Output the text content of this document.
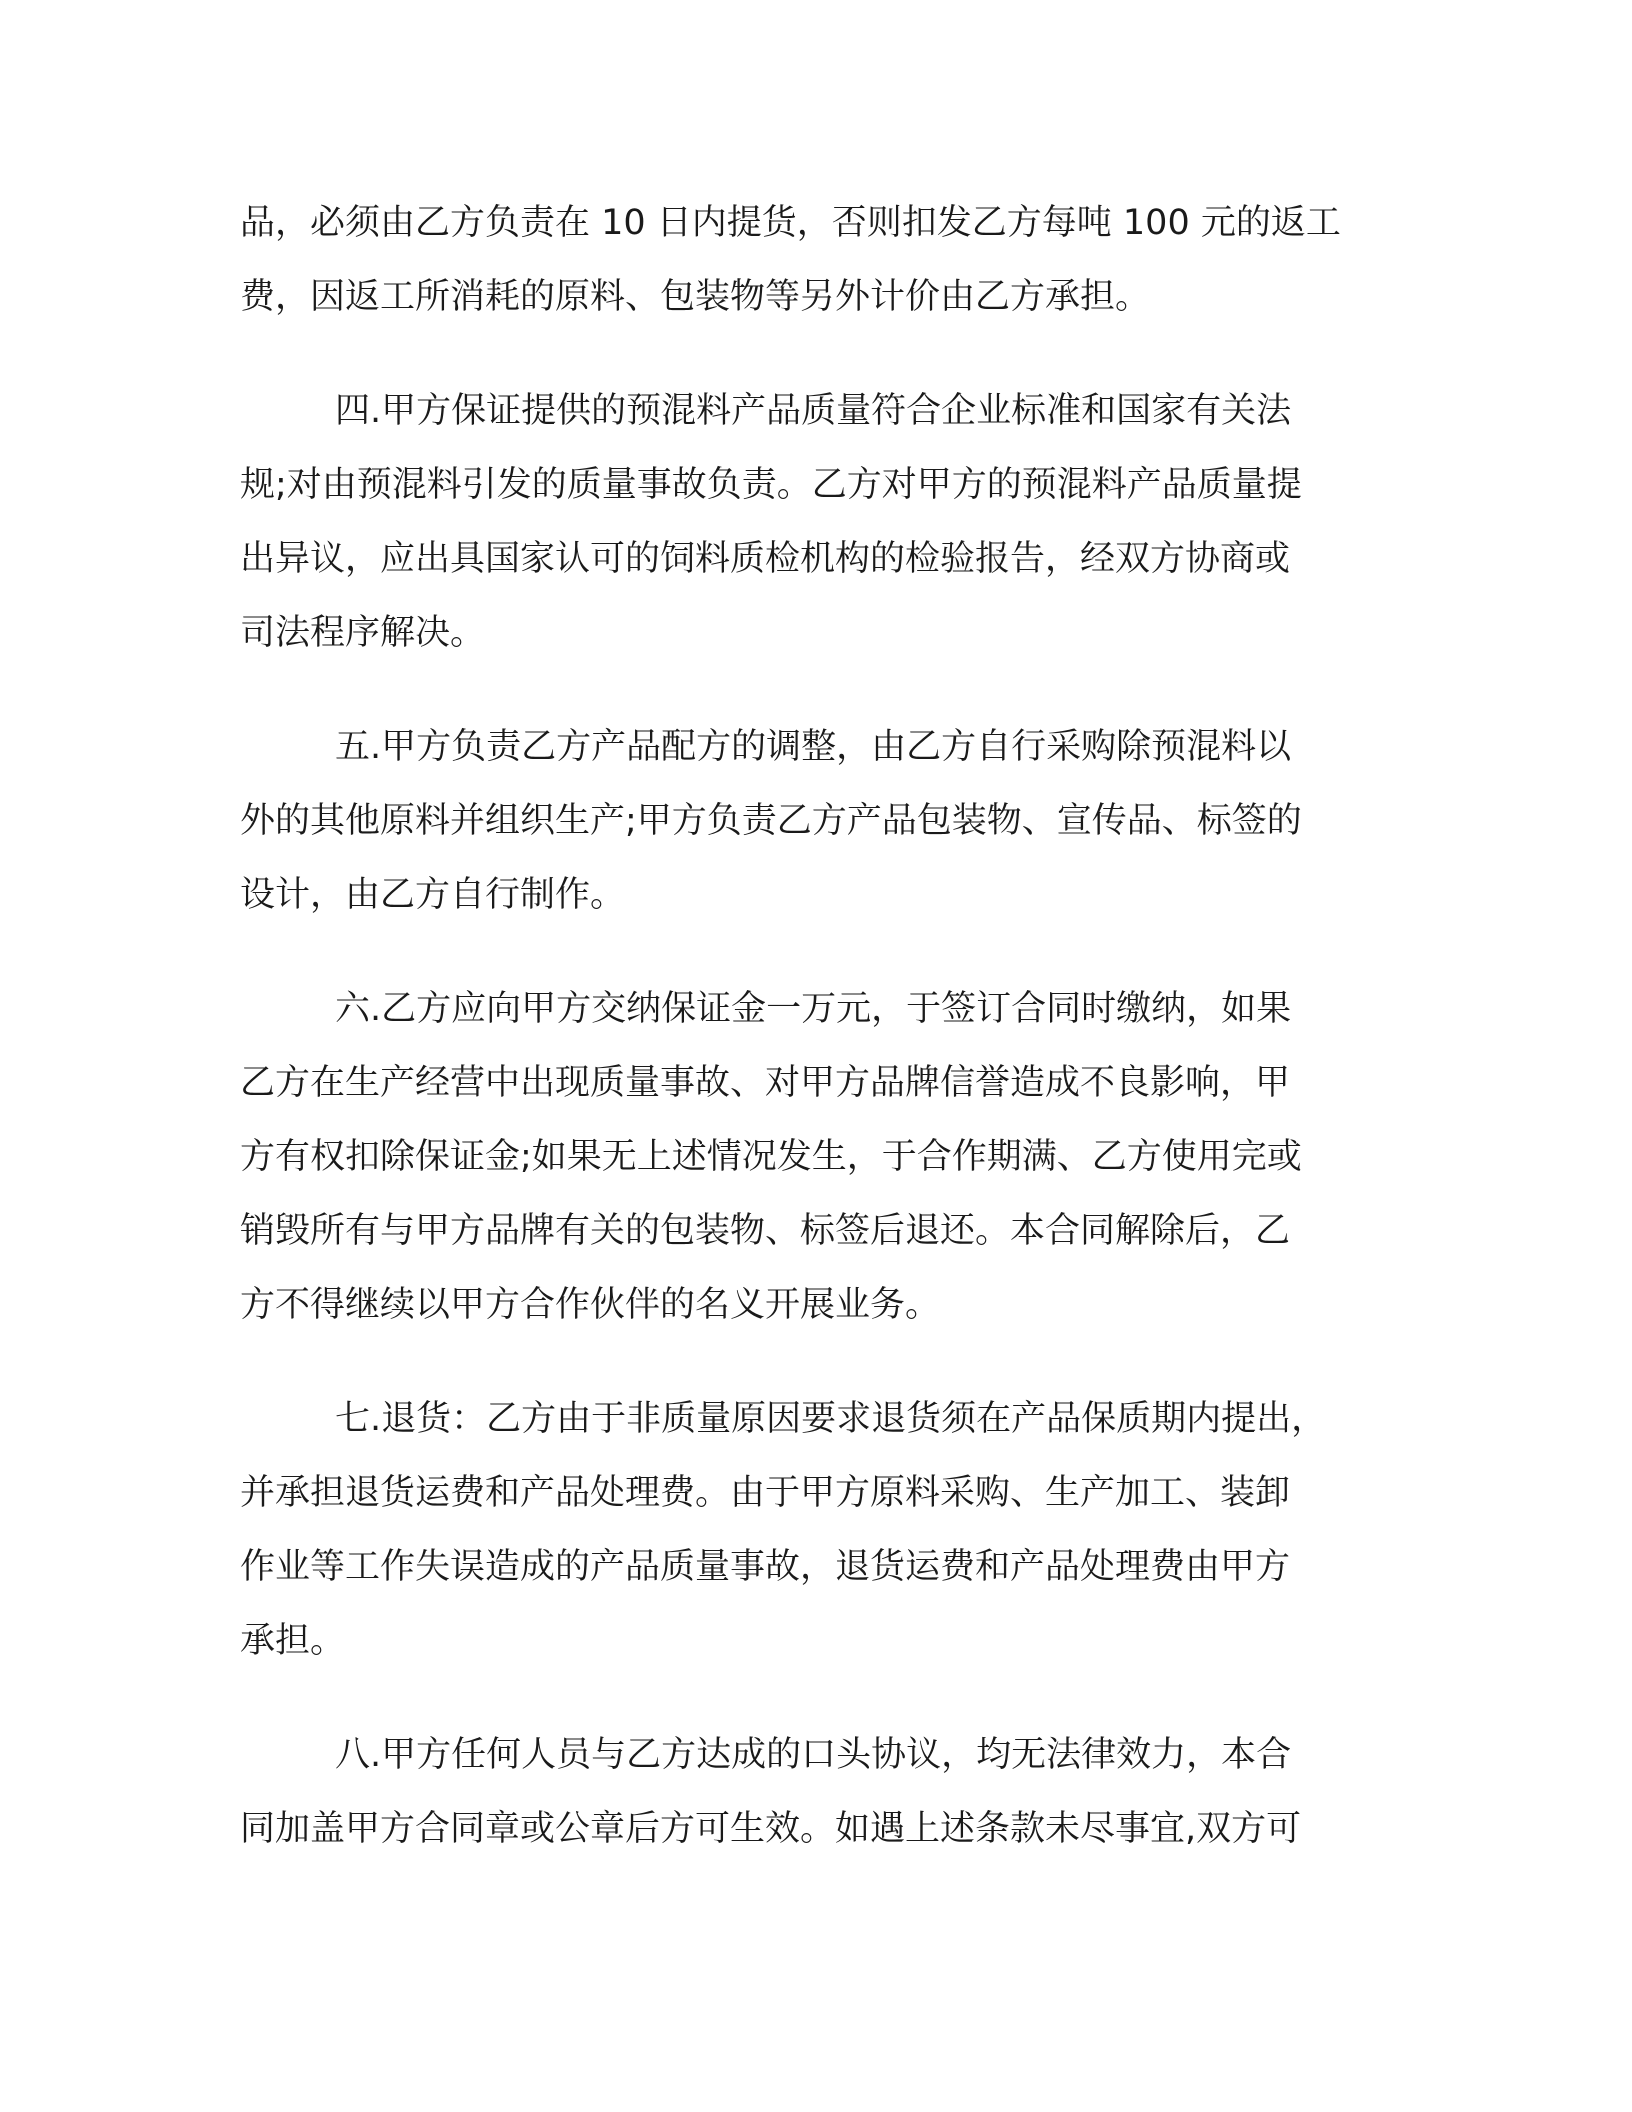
品，必须由乙方负责在 10 日内提货，否则扣发乙方每吨 100 元的返工
费，因返工所消耗的原料、包装物等另外计价由乙方承担。

四.甲方保证提供的预混料产品质量符合企业标准和国家有关法
规;对由预混料引发的质量事故负责。乙方对甲方的预混料产品质量提
出异议，应出具国家认可的饲料质检机构的检验报告，经双方协商或
司法程序解决。

五.甲方负责乙方产品配方的调整，由乙方自行采购除预混料以
外的其他原料并组织生产;甲方负责乙方产品包装物、宣传品、标签的
设计，由乙方自行制作。

六.乙方应向甲方交纳保证金一万元，于签订合同时缴纳，如果
乙方在生产经营中出现质量事故、对甲方品牌信誉造成不良影响，甲
方有权扣除保证金;如果无上述情况发生，于合作期满、乙方使用完或
销毁所有与甲方品牌有关的包装物、标签后退还。本合同解除后，乙
方不得继续以甲方合作伙伴的名义开展业务。

七.退货：乙方由于非质量原因要求退货须在产品保质期内提出，
并承担退货运费和产品处理费。由于甲方原料采购、生产加工、装卸
作业等工作失误造成的产品质量事故，退货运费和产品处理费由甲方
承担。

八.甲方任何人员与乙方达成的口头协议，均无法律效力，本合
同加盖甲方合同章或公章后方可生效。如遇上述条款未尽事宜,双方可
